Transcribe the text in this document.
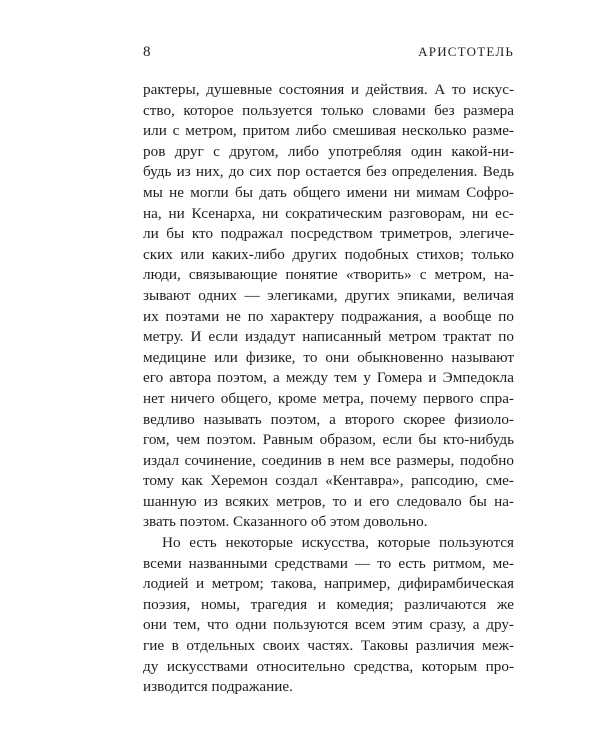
8	АРИСТОТЕЛЬ
рактеры, душевные состояния и действия. А то искус-
ство, которое пользуется только словами без размера
или с метром, притом либо смешивая несколько разме-
ров друг с другом, либо употребляя один какой-ни-
будь из них, до сих пор остается без определения. Ведь
мы не могли бы дать общего имени ни мимам Софро-
на, ни Ксенарха, ни сократическим разговорам, ни ес-
ли бы кто подражал посредством триметров, элегиче-
ских или каких-либо других подобных стихов; только
люди, связывающие понятие «творить» с метром, на-
зывают одних — элегиками, других эпиками, величая
их поэтами не по характеру подражания, а вообще по
метру. И если издадут написанный метром трактат по
медицине или физике, то они обыкновенно называют
его автора поэтом, а между тем у Гомера и Эмпедокла
нет ничего общего, кроме метра, почему первого спра-
ведливо называть поэтом, а второго скорее физиоло-
гом, чем поэтом. Равным образом, если бы кто-нибудь
издал сочинение, соединив в нем все размеры, подобно
тому как Херемон создал «Кентавра», рапсодию, сме-
шанную из всяких метров, то и его следовало бы на-
звать поэтом. Сказанного об этом довольно.
Но есть некоторые искусства, которые пользуются
всеми названными средствами — то есть ритмом, ме-
лодией и метром; такова, например, дифирамбическая
поэзия, номы, трагедия и комедия; различаются же
они тем, что одни пользуются всем этим сразу, а дру-
гие в отдельных своих частях. Таковы различия меж-
ду искусствами относительно средства, которым про-
изводится подражание.
